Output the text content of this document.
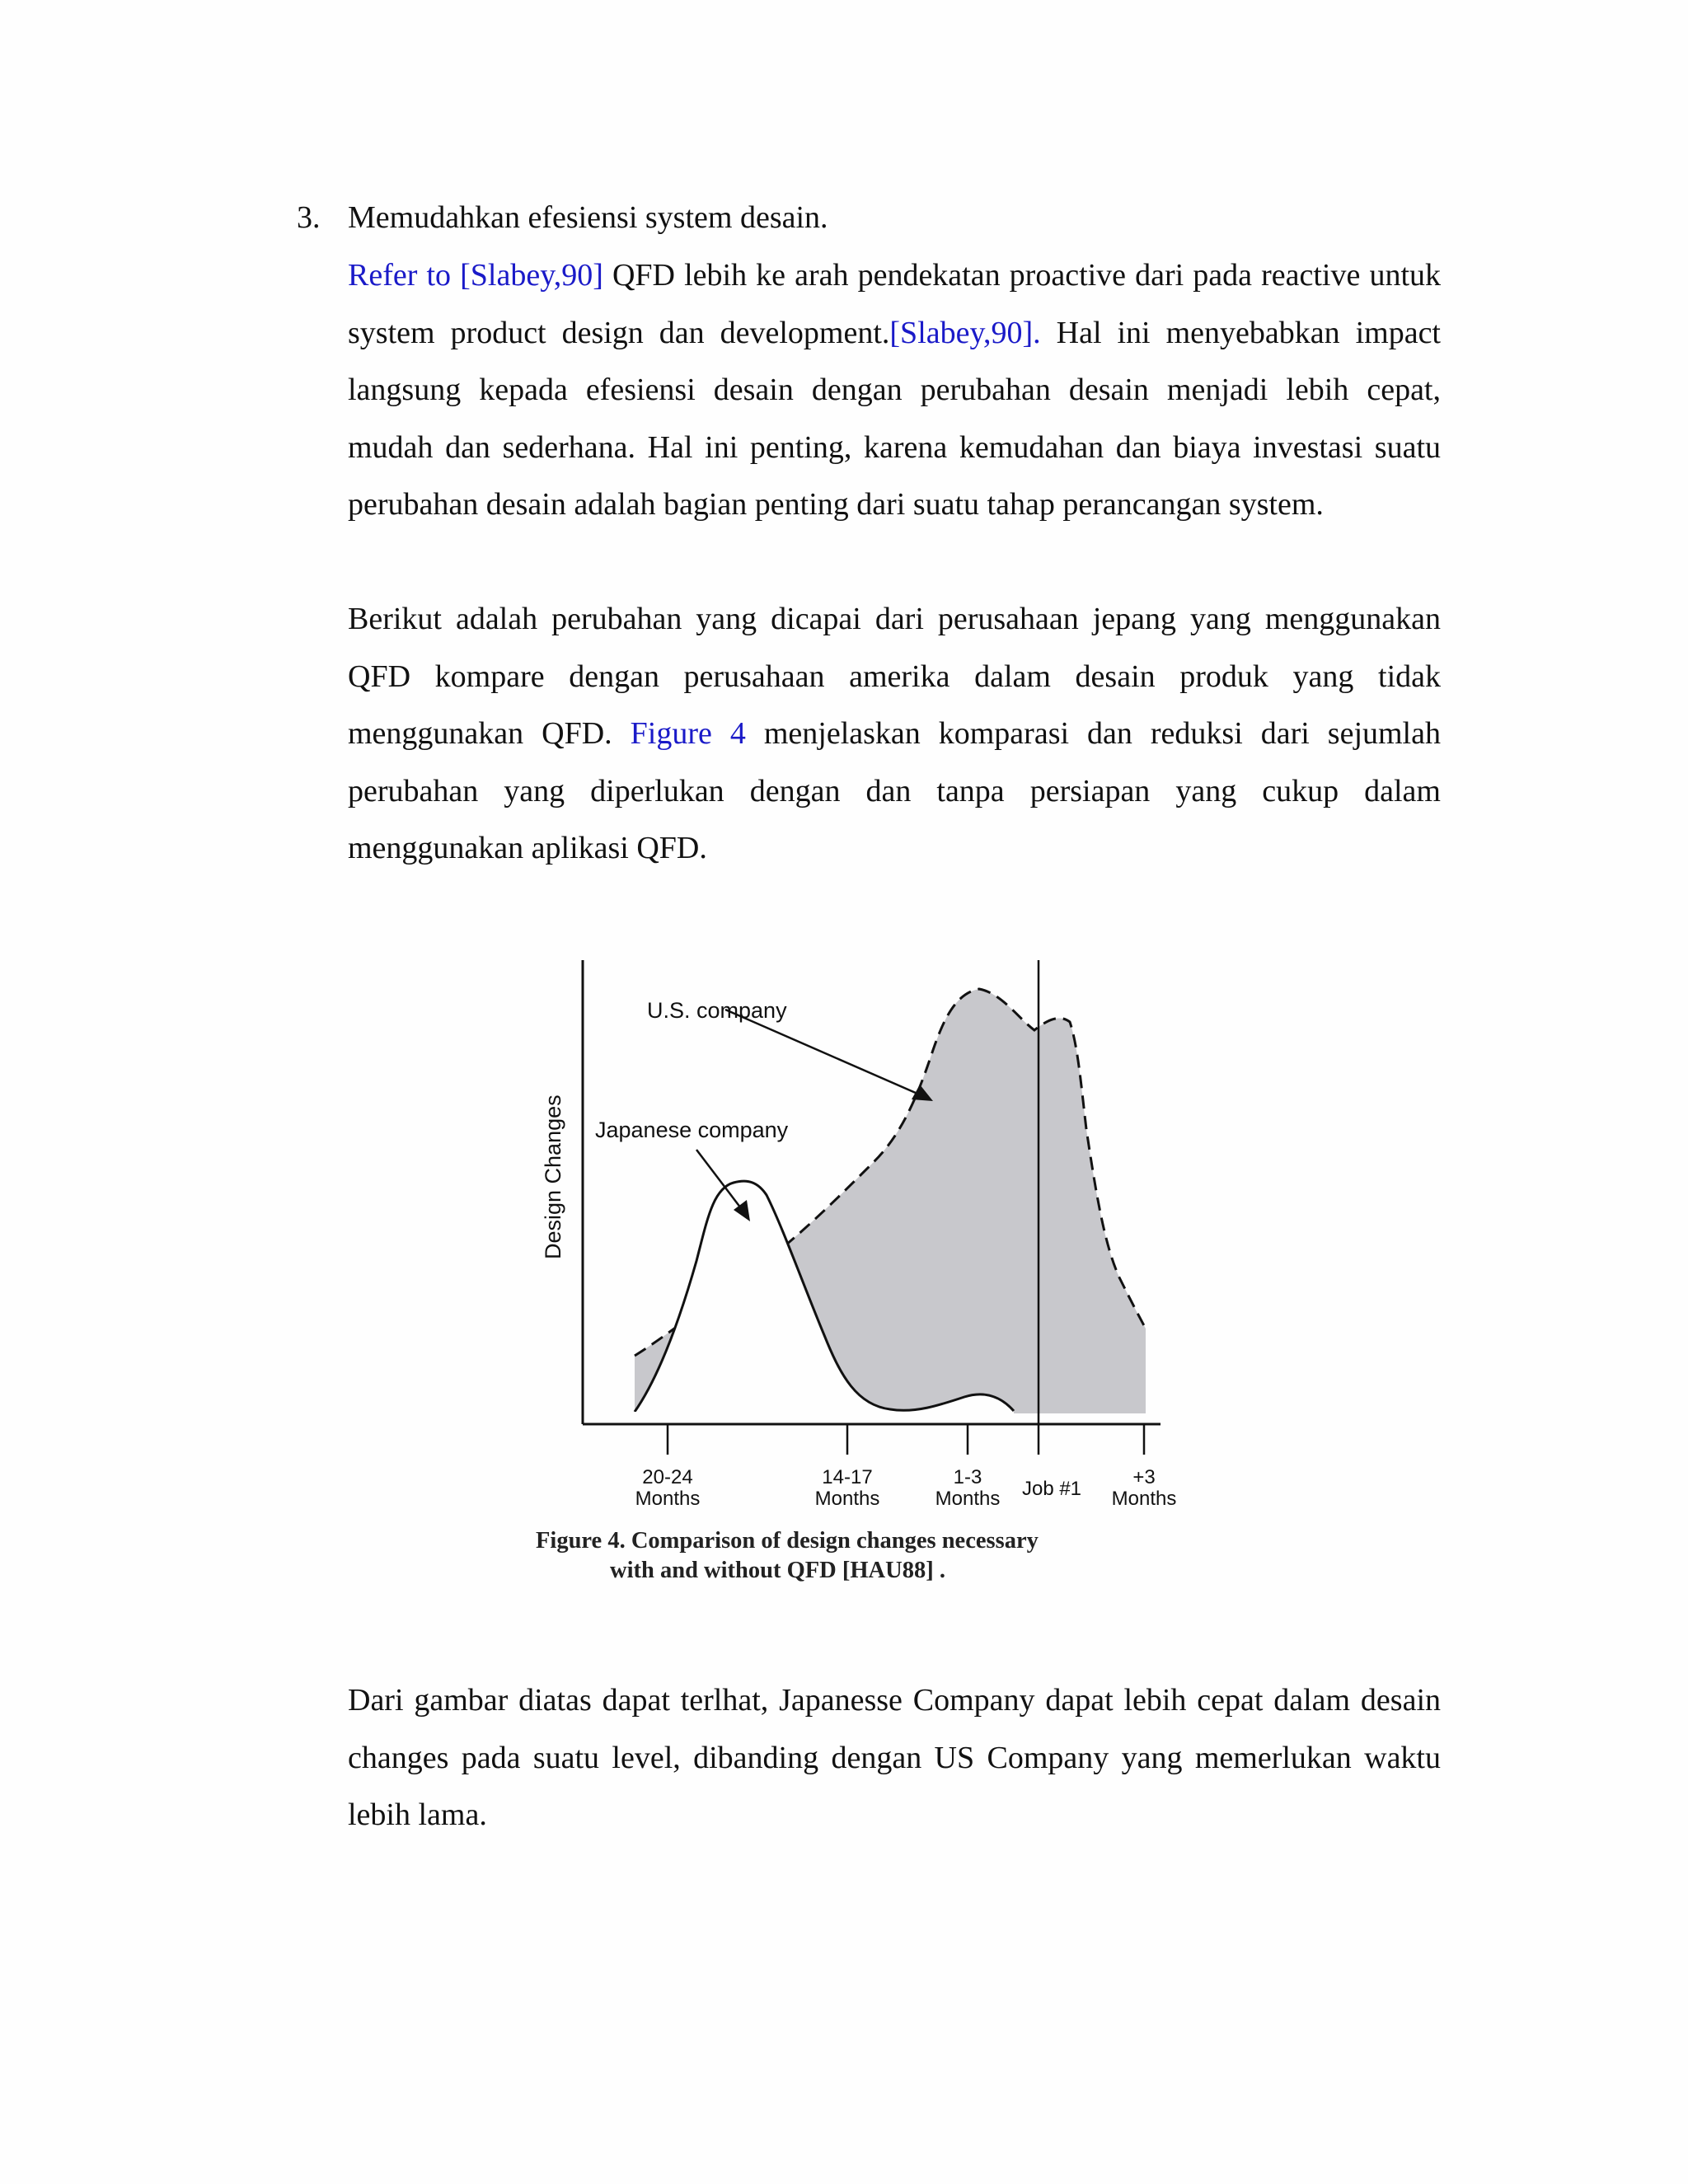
3. Memudahkan efesiensi system desain.

Refer to [Slabey,90] QFD lebih ke arah pendekatan proactive dari pada reactive untuk system product design dan development.[Slabey,90]. Hal ini menyebabkan impact langsung kepada efesiensi desain dengan perubahan desain menjadi lebih cepat, mudah dan sederhana. Hal ini penting, karena kemudahan dan biaya investasi suatu perubahan desain adalah bagian penting dari suatu tahap perancangan system.

Berikut adalah perubahan yang dicapai dari perusahaan jepang yang menggunakan QFD kompare dengan perusahaan amerika dalam desain produk yang tidak menggunakan QFD. Figure 4 menjelaskan komparasi dan reduksi dari sejumlah perubahan yang diperlukan dengan dan tanpa persiapan yang cukup dalam menggunakan aplikasi QFD.

U.S. company
Japanese company
Design Changes
20-24
Months
14-17
Months
1-3
Months Job #1
+3
Months
Figure 4. Comparison of design changes necessary
with and without QFD [HAU88] .

Dari gambar diatas dapat terlhat, Japanesse Company dapat lebih cepat dalam desain changes pada suatu level, dibanding dengan US Company yang memerlukan waktu lebih lama.
